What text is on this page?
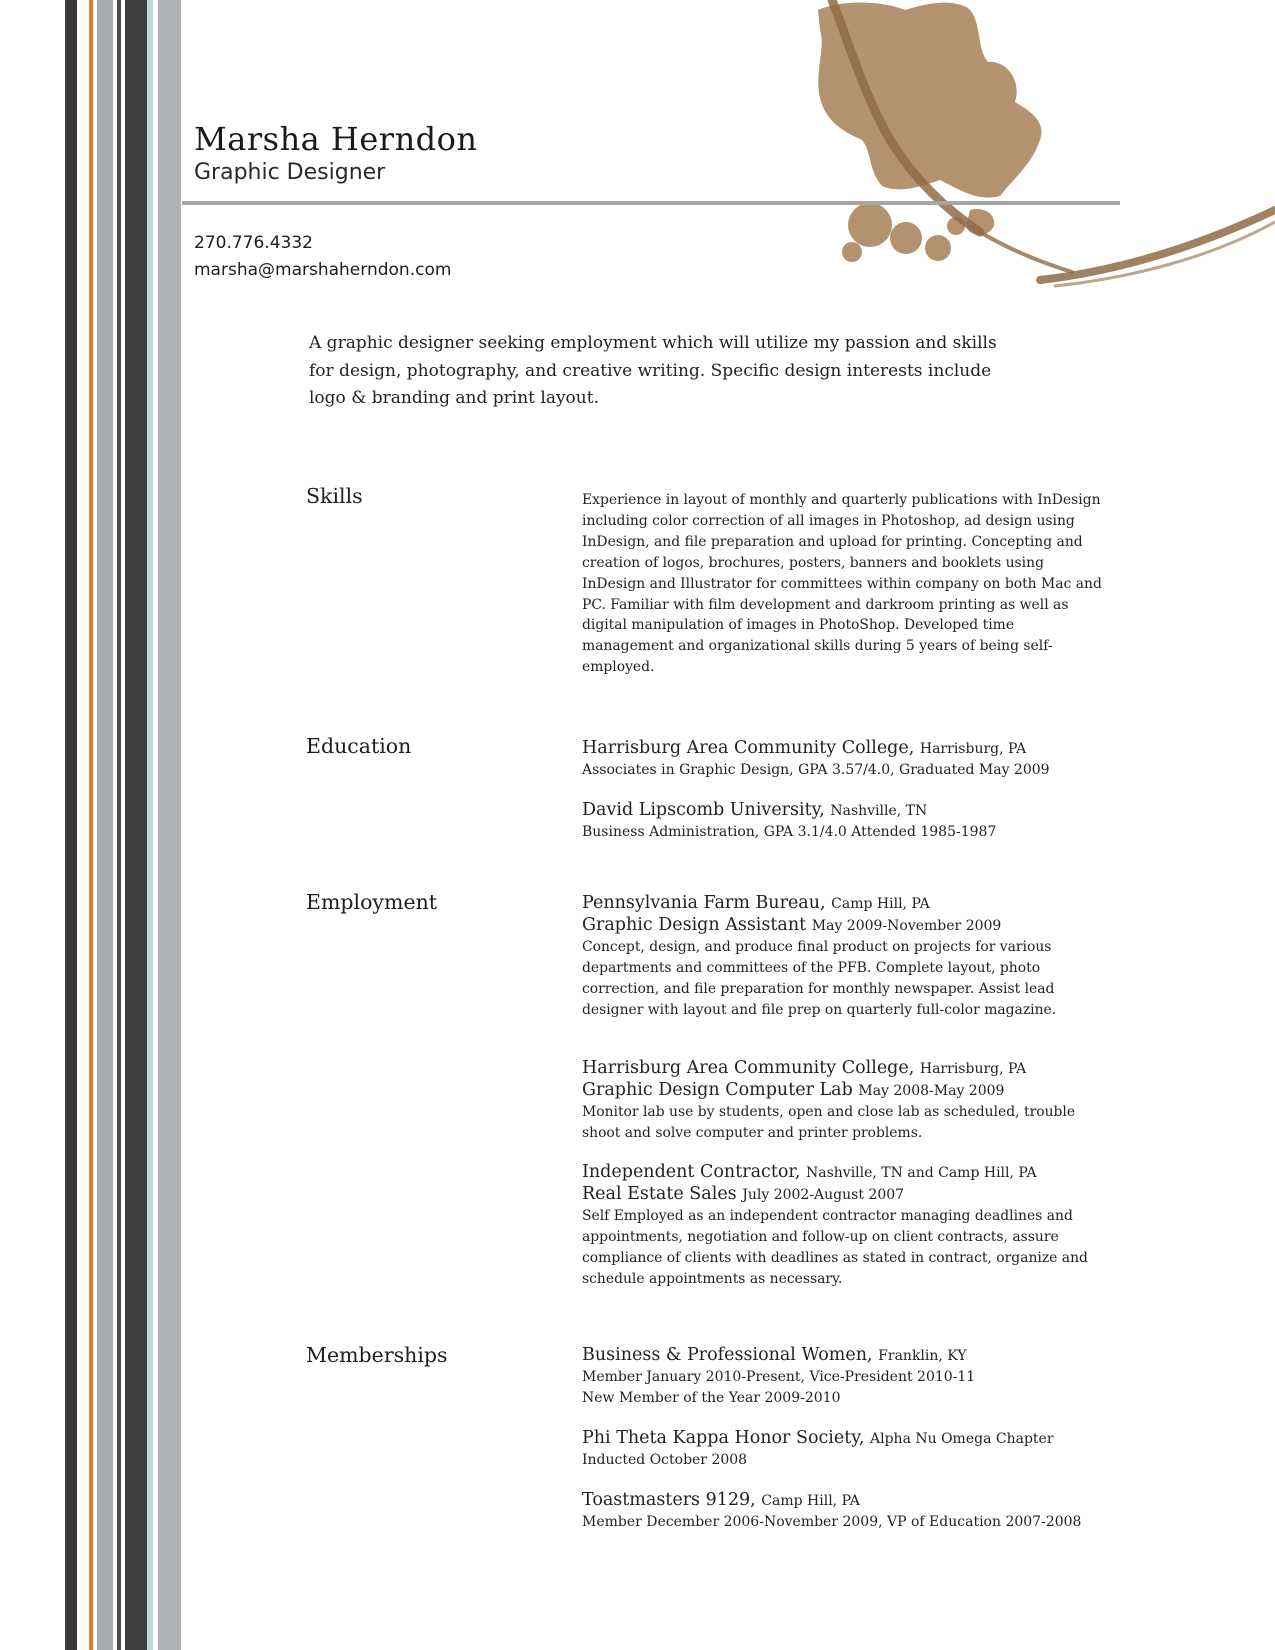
Marsha Herndon
Graphic Designer
270.776.4332
marsha@marshaherndon.com

A graphic designer seeking employment which will utilize my passion and skills for design, photography, and creative writing. Specific design interests include logo & branding and print layout.

Skills	Experience in layout of monthly and quarterly publications with InDesign including color correction of all images in Photoshop, ad design using InDesign, and file preparation and upload for printing. Concepting and creation of logos, brochures, posters, banners and booklets using InDesign and Illustrator for committees within company on both Mac and PC. Familiar with film development and darkroom printing as well as digital manipulation of images in PhotoShop. Developed time management and organizational skills during 5 years of being self-employed.

Education	Harrisburg Area Community College, Harrisburg, PA
Associates in Graphic Design, GPA 3.57/4.0, Graduated May 2009
David Lipscomb University, Nashville, TN
Business Administration, GPA 3.1/4.0 Attended 1985-1987
Employment	Pennsylvania Farm Bureau, Camp Hill, PA
Graphic Design Assistant May 2009-November 2009

Concept, design, and produce final product on projects for various departments and committees of the PFB. Complete layout, photo correction, and file preparation for monthly newspaper. Assist lead designer with layout and file prep on quarterly full-color magazine.

Harrisburg Area Community College, Harrisburg, PA
Graphic Design Computer Lab May 2008-May 2009

Monitor lab use by students, open and close lab as scheduled, trouble shoot and solve computer and printer problems.

Independent Contractor, Nashville, TN and Camp Hill, PA
Real Estate Sales July 2002-August 2007

Self Employed as an independent contractor managing deadlines and appointments, negotiation and follow-up on client contracts, assure compliance of clients with deadlines as stated in contract, organize and schedule appointments as necessary.

Memberships	Business & Professional Women, Franklin, KY
Member January 2010-Present, Vice-President 2010-11
New Member of the Year 2009-2010
Phi Theta Kappa Honor Society, Alpha Nu Omega Chapter
Inducted October 2008
Toastmasters 9129, Camp Hill, PA
Member December 2006-November 2009, VP of Education 2007-2008
